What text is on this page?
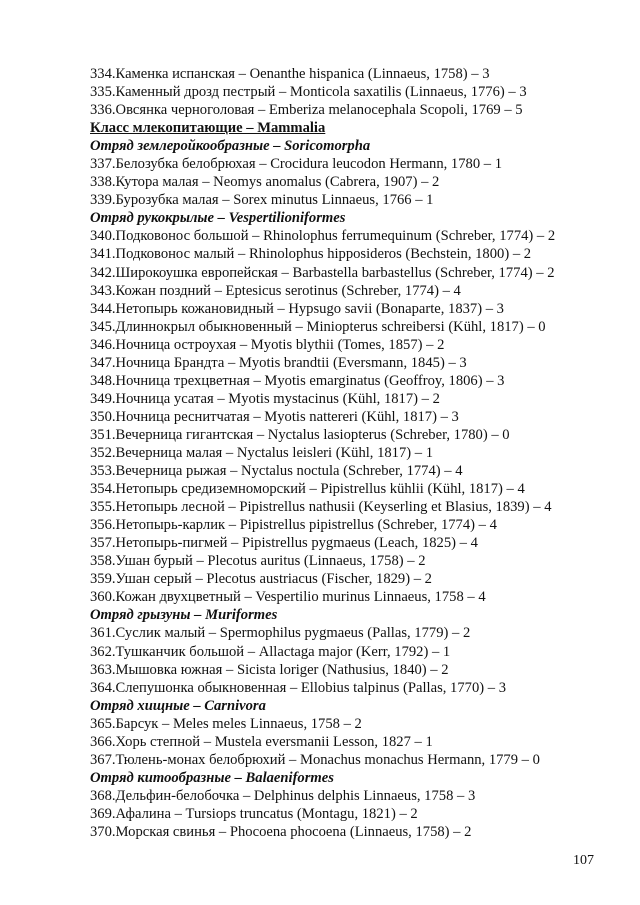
334.Каменка испанская – Oenanthe hispanica (Linnaeus, 1758) – 3
335.Каменный дрозд пестрый – Monticola saxatilis (Linnaeus, 1776) – 3
336.Овсянка черноголовая – Emberiza melanocephala Scopoli, 1769 – 5
Класс млекопитающие – Mammalia
Отряд землеройкообразные – Soricomorpha
337.Белозубка белобрюхая – Crocidura leucodon Hermann, 1780 – 1
338.Кутора малая – Neomys anomalus (Cabrera, 1907) – 2
339.Бурозубка малая – Sorex minutus Linnaeus, 1766 – 1
Отряд рукокрылые – Vespertilioniformes
340.Подковонос большой – Rhinolophus ferrumequinum (Schreber, 1774) – 2
341.Подковонос малый – Rhinolophus hipposideros (Bechstein, 1800) – 2
342.Широкоушка европейская – Barbastella barbastellus (Schreber, 1774) – 2
343.Кожан поздний – Eptesicus serotinus (Schreber, 1774) – 4
344.Нетопырь кожановидный – Hypsugo savii (Bonaparte, 1837) – 3
345.Длиннокрыл обыкновенный – Miniopterus schreibersi (Kühl, 1817) – 0
346.Ночница остроухая – Myotis blythii (Tomes, 1857) – 2
347.Ночница Брандта – Myotis brandtii (Eversmann, 1845) – 3
348.Ночница трехцветная – Myotis emarginatus (Geoffroy, 1806) – 3
349.Ночница усатая – Myotis mystacinus (Kühl, 1817) – 2
350.Ночница реснитчатая – Myotis nattereri (Kühl, 1817) – 3
351.Вечерница гигантская – Nyctalus lasiopterus (Schreber, 1780) – 0
352.Вечерница малая – Nyctalus leisleri (Kühl, 1817) – 1
353.Вечерница рыжая – Nyctalus noctula (Schreber, 1774) – 4
354.Нетопырь средиземноморский – Pipistrellus kühlii (Kühl, 1817) – 4
355.Нетопырь лесной – Pipistrellus nathusii (Keyserling et Blasius, 1839) – 4
356.Нетопырь-карлик – Pipistrellus pipistrellus (Schreber, 1774) – 4
357.Нетопырь-пигмей – Pipistrellus pygmaeus (Leach, 1825) – 4
358.Ушан бурый – Plecotus auritus (Linnaeus, 1758) – 2
359.Ушан серый – Plecotus austriacus (Fischer, 1829) – 2
360.Кожан двухцветный – Vespertilio murinus Linnaeus, 1758 – 4
Отряд грызуны – Muriformes
361.Суслик малый – Spermophilus pygmaeus (Pallas, 1779) – 2
362.Тушканчик большой – Allactaga major (Kerr, 1792) – 1
363.Мышовка южная – Sicista loriger (Nathusius, 1840) – 2
364.Слепушонка обыкновенная – Ellobius talpinus (Pallas, 1770) – 3
Отряд хищные – Carnivora
365.Барсук – Meles meles Linnaeus, 1758 – 2
366.Хорь степной – Mustela eversmanii Lesson, 1827 – 1
367.Тюлень-монах белобрюхий – Monachus monachus Hermann, 1779 – 0
Отряд китообразные – Balaeniformes
368.Дельфин-белобочка – Delphinus delphis Linnaeus, 1758 – 3
369.Афалина – Tursiops truncatus (Montagu, 1821) – 2
370.Морская свинья – Phocoena phocoena (Linnaeus, 1758) – 2
107
